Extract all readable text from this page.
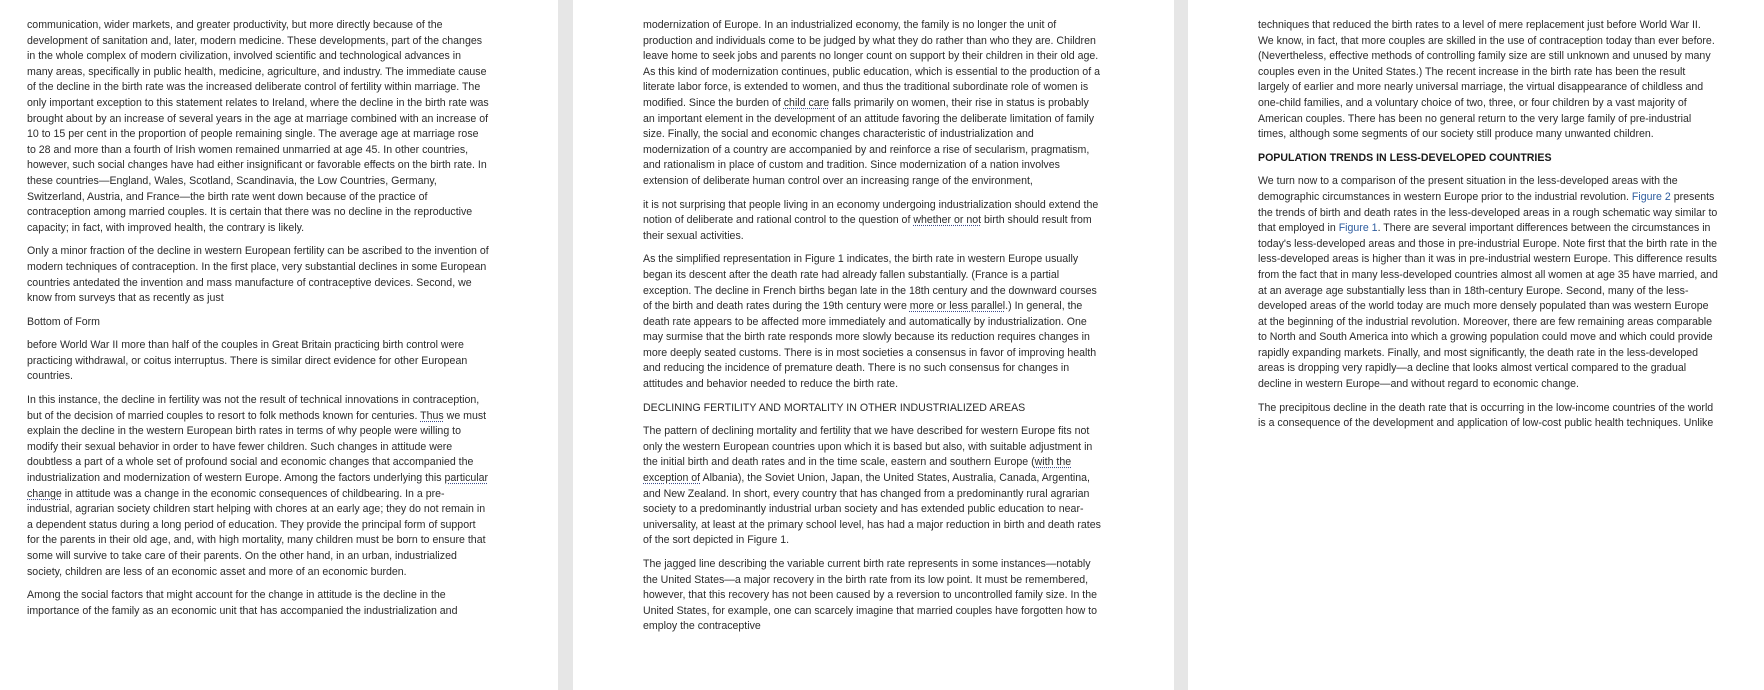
communication, wider markets, and greater productivity, but more directly because of the development of sanitation and, later, modern medicine. These developments, part of the changes in the whole complex of modern civilization, involved scientific and technological advances in many areas, specifically in public health, medicine, agriculture, and industry. The immediate cause of the decline in the birth rate was the increased deliberate control of fertility within marriage. The only important exception to this statement relates to Ireland, where the decline in the birth rate was brought about by an increase of several years in the age at marriage combined with an increase of 10 to 15 per cent in the proportion of people remaining single. The average age at marriage rose to 28 and more than a fourth of Irish women remained unmarried at age 45. In other countries, however, such social changes have had either insignificant or favorable effects on the birth rate. In these countries—England, Wales, Scotland, Scandinavia, the Low Countries, Germany, Switzerland, Austria, and France—the birth rate went down because of the practice of contraception among married couples. It is certain that there was no decline in the reproductive capacity; in fact, with improved health, the contrary is likely.

Only a minor fraction of the decline in western European fertility can be ascribed to the invention of modern techniques of contraception. In the first place, very substantial declines in some European countries antedated the invention and mass manufacture of contraceptive devices. Second, we know from surveys that as recently as just

Bottom of Form

before World War II more than half of the couples in Great Britain practicing birth control were practicing withdrawal, or coitus interruptus. There is similar direct evidence for other European countries.

In this instance, the decline in fertility was not the result of technical innovations in contraception, but of the decision of married couples to resort to folk methods known for centuries. Thus we must explain the decline in the western European birth rates in terms of why people were willing to modify their sexual behavior in order to have fewer children. Such changes in attitude were doubtless a part of a whole set of profound social and economic changes that accompanied the industrialization and modernization of western Europe. Among the factors underlying this particular change in attitude was a change in the economic consequences of childbearing. In a pre-industrial, agrarian society children start helping with chores at an early age; they do not remain in a dependent status during a long period of education. They provide the principal form of support for the parents in their old age, and, with high mortality, many children must be born to ensure that some will survive to take care of their parents. On the other hand, in an urban, industrialized society, children are less of an economic asset and more of an economic burden.

Among the social factors that might account for the change in attitude is the decline in the importance of the family as an economic unit that has accompanied the industrialization and

modernization of Europe. In an industrialized economy, the family is no longer the unit of production and individuals come to be judged by what they do rather than who they are. Children leave home to seek jobs and parents no longer count on support by their children in their old age. As this kind of modernization continues, public education, which is essential to the production of a literate labor force, is extended to women, and thus the traditional subordinate role of women is modified. Since the burden of child care falls primarily on women, their rise in status is probably an important element in the development of an attitude favoring the deliberate limitation of family size. Finally, the social and economic changes characteristic of industrialization and modernization of a country are accompanied by and reinforce a rise of secularism, pragmatism, and rationalism in place of custom and tradition. Since modernization of a nation involves extension of deliberate human control over an increasing range of the environment,

it is not surprising that people living in an economy undergoing industrialization should extend the notion of deliberate and rational control to the question of whether or not birth should result from their sexual activities.

As the simplified representation in Figure 1 indicates, the birth rate in western Europe usually began its descent after the death rate had already fallen substantially. (France is a partial exception. The decline in French births began late in the 18th century and the downward courses of the birth and death rates during the 19th century were more or less parallel.) In general, the death rate appears to be affected more immediately and automatically by industrialization. One may surmise that the birth rate responds more slowly because its reduction requires changes in more deeply seated customs. There is in most societies a consensus in favor of improving health and reducing the incidence of premature death. There is no such consensus for changes in attitudes and behavior needed to reduce the birth rate.

DECLINING FERTILITY AND MORTALITY IN OTHER INDUSTRIALIZED AREAS

The pattern of declining mortality and fertility that we have described for western Europe fits not only the western European countries upon which it is based but also, with suitable adjustment in the initial birth and death rates and in the time scale, eastern and southern Europe (with the exception of Albania), the Soviet Union, Japan, the United States, Australia, Canada, Argentina, and New Zealand. In short, every country that has changed from a predominantly rural agrarian society to a predominantly industrial urban society and has extended public education to near-universality, at least at the primary school level, has had a major reduction in birth and death rates of the sort depicted in Figure 1.

The jagged line describing the variable current birth rate represents in some instances—notably the United States—a major recovery in the birth rate from its low point. It must be remembered, however, that this recovery has not been caused by a reversion to uncontrolled family size. In the United States, for example, one can scarcely imagine that married couples have forgotten how to employ the contraceptive

techniques that reduced the birth rates to a level of mere replacement just before World War II. We know, in fact, that more couples are skilled in the use of contraception today than ever before. (Nevertheless, effective methods of controlling family size are still unknown and unused by many couples even in the United States.) The recent increase in the birth rate has been the result largely of earlier and more nearly universal marriage, the virtual disappearance of childless and one-child families, and a voluntary choice of two, three, or four children by a vast majority of American couples. There has been no general return to the very large family of pre-industrial times, although some segments of our society still produce many unwanted children.

POPULATION TRENDS IN LESS-DEVELOPED COUNTRIES

We turn now to a comparison of the present situation in the less-developed areas with the demographic circumstances in western Europe prior to the industrial revolution. Figure 2 presents the trends of birth and death rates in the less-developed areas in a rough schematic way similar to that employed in Figure 1. There are several important differences between the circumstances in today's less-developed areas and those in pre-industrial Europe. Note first that the birth rate in the less-developed areas is higher than it was in pre-industrial western Europe. This difference results from the fact that in many less-developed countries almost all women at age 35 have married, and at an average age substantially less than in 18th-century Europe. Second, many of the less-developed areas of the world today are much more densely populated than was western Europe at the beginning of the industrial revolution. Moreover, there are few remaining areas comparable to North and South America into which a growing population could move and which could provide rapidly expanding markets. Finally, and most significantly, the death rate in the less-developed areas is dropping very rapidly—a decline that looks almost vertical compared to the gradual decline in western Europe—and without regard to economic change.

The precipitous decline in the death rate that is occurring in the low-income countries of the world is a consequence of the development and application of low-cost public health techniques. Unlike
